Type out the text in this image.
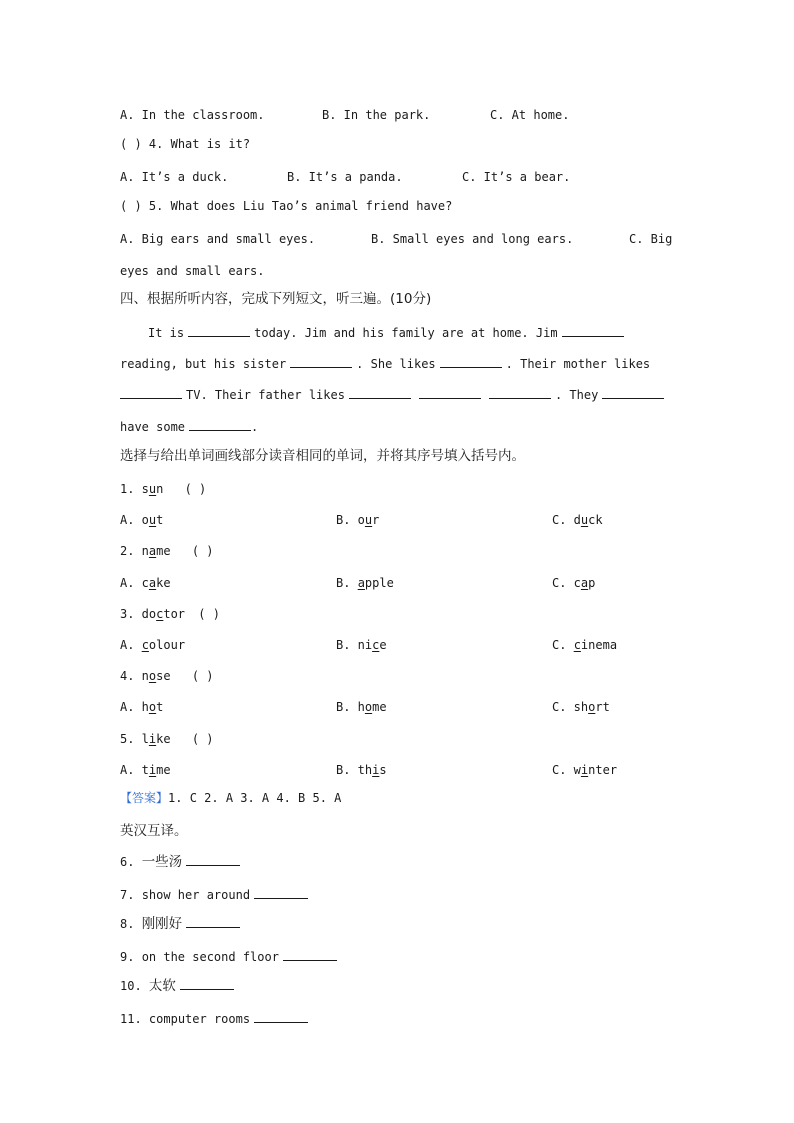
A. In the classroom.	B. In the park.	C. At home.
( ) 4. What is it?
A. It’s a duck.	B. It’s a panda.	C. It’s a bear.
( ) 5. What does Liu Tao’s animal friend have?
A. Big ears and small eyes.	B. Small eyes and long ears.	C. Big
eyes and small ears.
四、根据所听内容，完成下列短文，听三遍。(10分)
It is	today. Jim and his family are at home. Jim
reading, but his sister	. She likes	. Their mother likes
TV. Their father likes	. They
have some	.
选择与给出单词画线部分读音相同的单词，并将其序号填入括号内。
1. sun ( )
A. out	B. our	C. duck
2. name ( )
A. cake	B. apple	C. cap
3. doctor ( )
A. colour	B. nice	C. cinema
4. nose ( )
A. hot	B. home	C. short
5. like ( )
A. time	B. this	C. winter
【答案】1. C 2. A 3. A 4. B 5. A
英汉互译。
6. 一些汤
7. show her around
8. 刚刚好
9. on the second floor
10. 太软
11. computer rooms
